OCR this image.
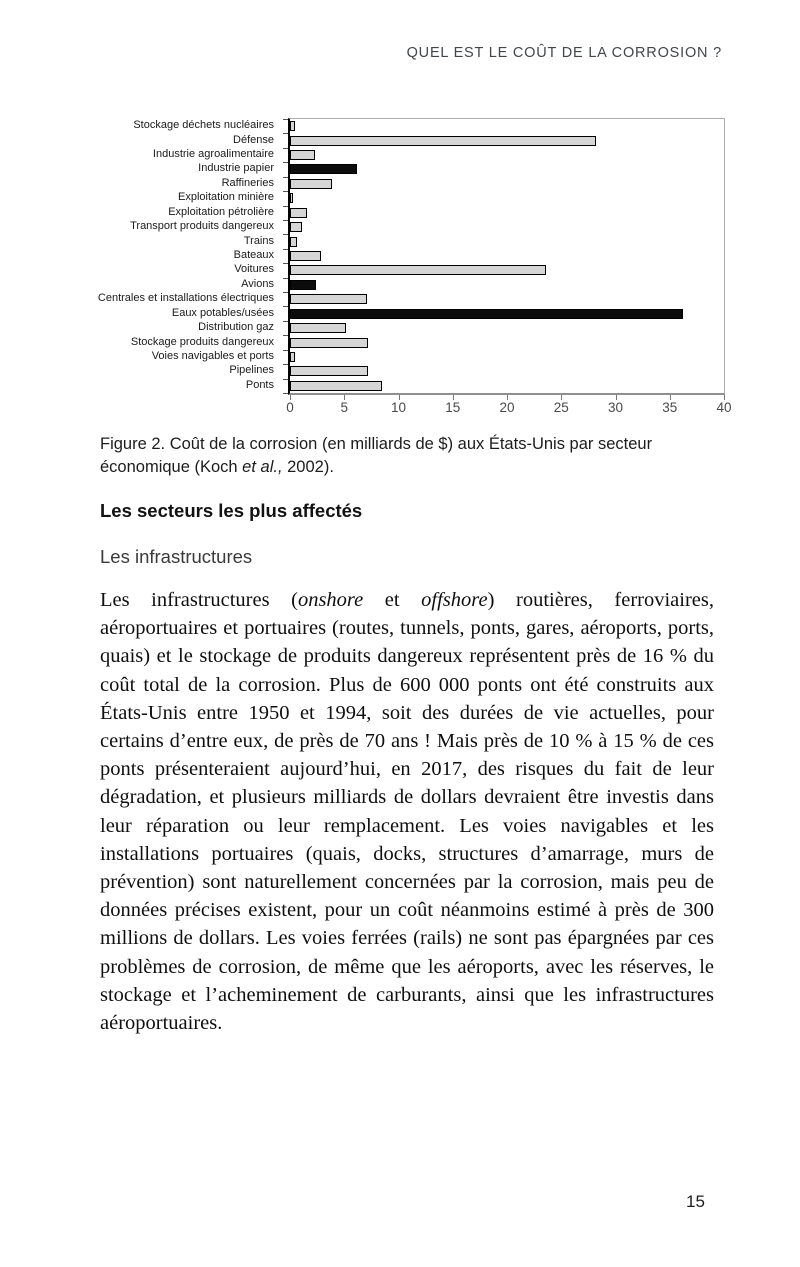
QUEL EST LE COÛT DE LA CORROSION ?
Stockage déchets nucléaires
Défense
Industrie agroalimentaire
Industrie papier
Raffineries
Exploitation minière
Exploitation pétrolière
Transport produits dangereux
Trains
Bateaux
Voitures
Avions
Centrales et installations électriques
Eaux potables/usées
Distribution gaz
Stockage produits dangereux
Voies navigables et ports
Pipelines
Ponts
0	5	10	15	20	25	30	35	40

Figure 2. Coût de la corrosion (en milliards de $) aux États-Unis par secteur économique (Koch et al., 2002).

Les secteurs les plus affectés
Les infrastructures

Les infrastructures (onshore et offshore) routières, ferroviaires, aéroportuaires et portuaires (routes, tunnels, ponts, gares, aéroports, ports, quais) et le stockage de produits dangereux représentent près de 16 % du coût total de la corrosion. Plus de 600 000 ponts ont été construits aux États-Unis entre 1950 et 1994, soit des durées de vie actuelles, pour certains d’entre eux, de près de 70 ans ! Mais près de 10 % à 15 % de ces ponts présenteraient aujourd’hui, en 2017, des risques du fait de leur dégradation, et plusieurs milliards de dollars devraient être investis dans leur réparation ou leur remplacement. Les voies navigables et les installations portuaires (quais, docks, structures d’amarrage, murs de prévention) sont naturellement concernées par la corrosion, mais peu de données précises existent, pour un coût néanmoins estimé à près de 300 millions de dollars. Les voies ferrées (rails) ne sont pas épargnées par ces problèmes de corrosion, de même que les aéroports, avec les réserves, le stockage et l’acheminement de carburants, ainsi que les infrastructures aéroportuaires.

15
